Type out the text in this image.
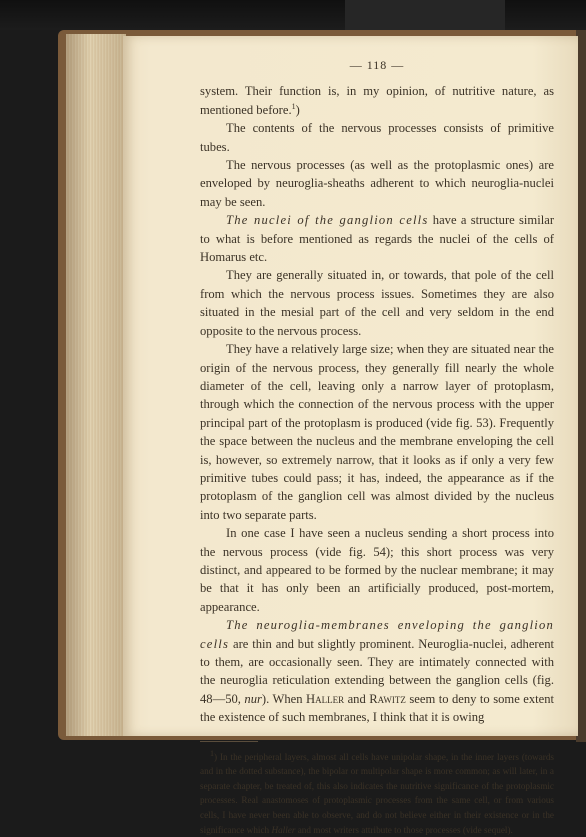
— 118 —

system. Their function is, in my opinion, of nutritive nature, as mentioned before.$^1$)

The contents of the nervous processes consists of primitive tubes.

The nervous processes (as well as the protoplasmic ones) are enveloped by neuroglia-sheaths adherent to which neuroglia-nuclei may be seen.

The nuclei of the ganglion cells have a structure similar to what is before mentioned as regards the nuclei of the cells of Homarus etc.

They are generally situated in, or towards, that pole of the cell from which the nervous process issues. Sometimes they are also situated in the mesial part of the cell and very seldom in the end opposite to the nervous process.

They have a relatively large size; when they are situated near the origin of the nervous process, they generally fill nearly the whole diameter of the cell, leaving only a narrow layer of protoplasm, through which the connection of the nervous process with the upper principal part of the protoplasm is produced (vide fig. 53). Frequently the space between the nucleus and the membrane enveloping the cell is, however, so extremely narrow, that it looks as if only a very few primitive tubes could pass; it has, indeed, the appearance as if the protoplasm of the ganglion cell was almost divided by the nucleus into two separate parts.

In one case I have seen a nucleus sending a short process into the nervous process (vide fig. 54); this short process was very distinct, and appeared to be formed by the nuclear membrane; it may be that it has only been an artificially produced, post-mortem, appearance.

The neuroglia-membranes enveloping the ganglion cells are thin and but slightly prominent. Neuroglia-nuclei, adherent to them, are occasionally seen. They are intimately connected with the neuroglia reticulation extending between the ganglion cells (fig. 48—50, nur). When Haller and Rawitz seem to deny to some extent the existence of such membranes, I think that it is owing

$^1$) In the peripheral layers, almost all cells have unipolar shape, in the inner layers (towards and in the dotted substance), the bipolar or multipolar shape is more common; as will later, in a separate chapter, be treated of, this also indicates the nutritive significance of the protoplasmic processes. Real anastomoses of protoplasmic processes from the same cell, or from various cells, I have never been able to observe, and do not believe either in their existence or in the significance which Haller and most writers attribute to those processes (vide sequel).
